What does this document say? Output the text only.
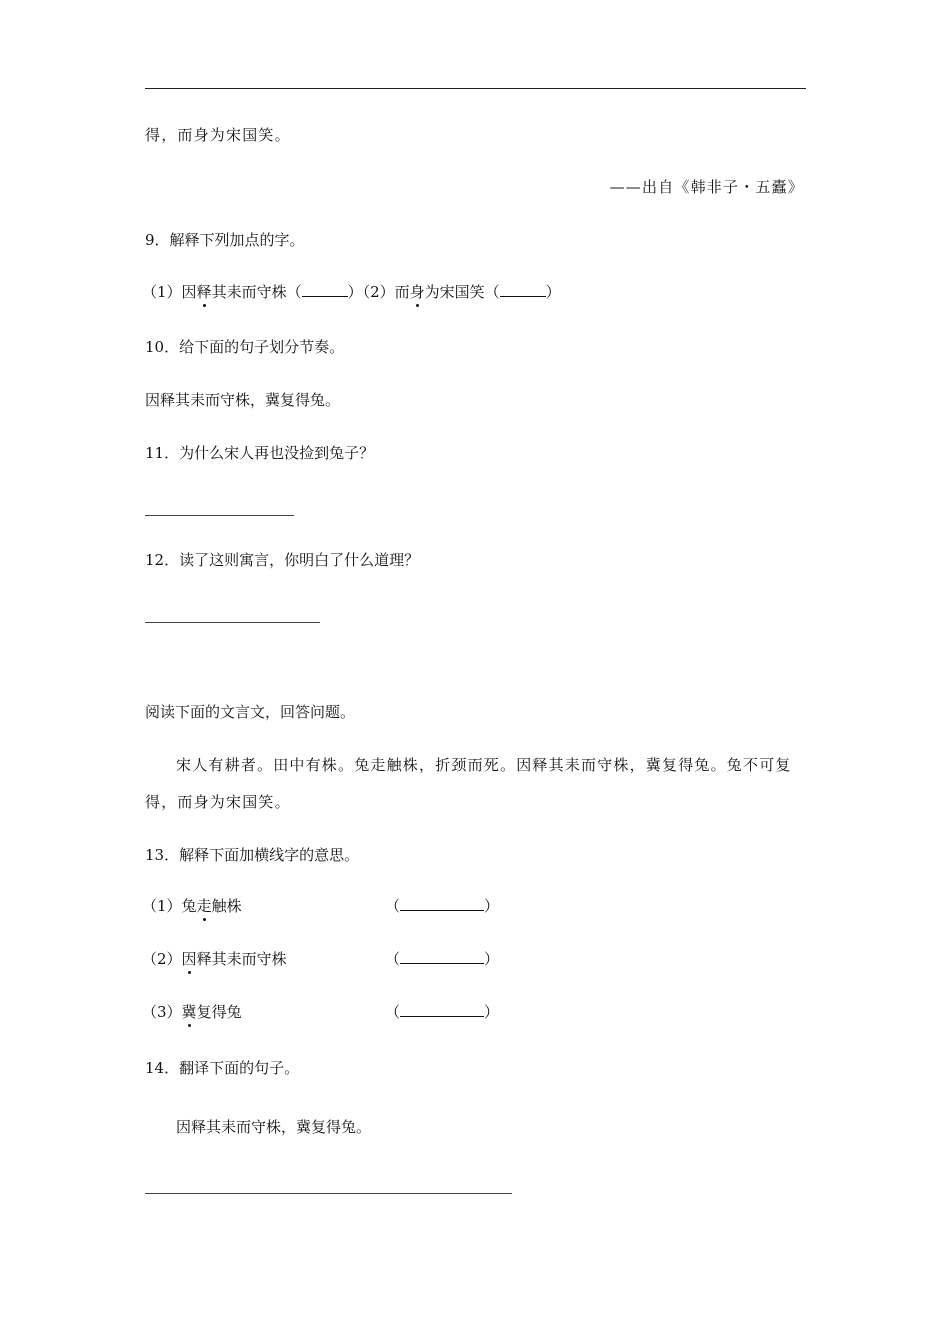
得，而身为宋国笑。
——出自《韩非子・五蠹》
9．解释下列加点的字。
（1）因释其耒而守株（	）（2）而身为宋国笑（	）
10．给下面的句子划分节奏。
因释其耒而守株，冀复得兔。
11．为什么宋人再也没捡到兔子？
12．读了这则寓言，你明白了什么道理？
阅读下面的文言文，回答问题。
宋人有耕者。田中有株。兔走触株，折颈而死。因释其耒而守株，冀复得兔。兔不可复
得，而身为宋国笑。
13．解释下面加横线字的意思。
（1）兔走触株	（	）
（2）因释其耒而守株	（	）
（3）冀复得兔	（	）
14．翻译下面的句子。
因释其耒而守株，冀复得兔。
